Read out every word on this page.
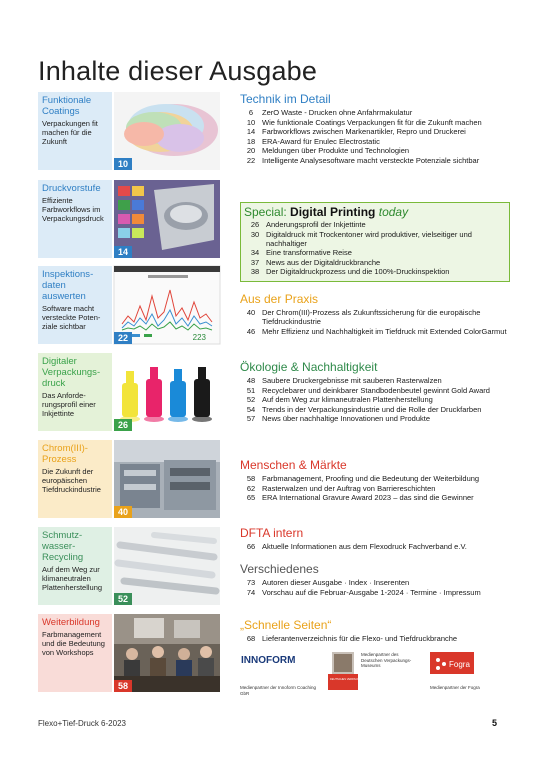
Inhalte dieser Ausgabe
Funktionale Coatings
Verpackungen fit machen für die Zukunft
10
Druckvorstufe
Effiziente Farbworkflows im Verpackungsdruck
14
Inspektionsdaten auswerten
Software macht versteckte Potenziale sichtbar
22	223
Digitaler Verpackungsdruck
Das Anforderungsprofil einer Inkjettinte
26
Chrom(III)-Prozess
Die Zukunft der europäischen Tiefdruckindustrie
40
Schmutzwasser-Recycling
Auf dem Weg zur klimaneutralen Plattenherstellung
52
Weiterbildung
Farbmanagement und die Bedeutung von Workshops
58
Technik im Detail
6	ZerO Waste - Drucken ohne Anfahrmakulatur
10 Wie funktionale Coatings Verpackungen fit für die Zukunft machen
14 Farbworkflows zwischen Markenartikler, Repro und Druckerei
18 ERA-Award für Enulec Electrostatic
20 Meldungen über Produkte und Technologien
22 Intelligente Analysesoftware macht versteckte Potenziale sichtbar
Special: Digital Printing today
26 Anderungsprofil der Inkjettinte
30 Digitaldruck mit Trockentoner wird produktiver, vielseitiger und nachhaltiger
34 Eine transformative Reise
37 News aus der Digitaldruckbranche
38 Der Digitaldruckprozess und die 100%-Druckinspektion
Aus der Praxis
40 Der Chrom(III)-Prozess als Zukunftssicherung für die europäische Tiefdruckindustrie
46 Mehr Effizienz und Nachhaltigkeit im Tiefdruck mit Extended ColorGarmut
Ökologie & Nachhaltigkeit
48 Saubere Druckergebnisse mit sauberen Rasterwalzen
51 Recyclebarer und deinkbarer Standbodenbeutel gewinnt Gold Award
52 Auf dem Weg zur klimaneutralen Plattenherstellung
54 Trends in der Verpackungsindustrie und die Rolle der Druckfarben
57 News über nachhaltige Innovationen und Produkte
Menschen & Märkte
58 Farbmanagement, Proofing und die Bedeutung der Weiterbildung
62 Rasterwalzen und der Auftrag von Barriereschichten
65 ERA International Gravure Award 2023 – das sind die Gewinner
DFTA intern
66 Aktuelle Informationen aus dem Flexodruck Fachverband e.V.
Verschiedenes
73 Autoren dieser Ausgabe · Index · Inserenten
74 Vorschau auf die Februar-Ausgabe 1-2024 · Termine · Impressum
„Schnelle Seiten“
68 Lieferantenverzeichnis für die Flexo- und Tiefdruckbranche
INNOFORM
Medienpartner der Innoform Coaching GbR
DEUTSCHES VERPACKUNGS MUSEUM
Medienpartner des Deutschen Verpackungs-Museums	Fogra
Medienpartner der Fogra
Flexo+Tief-Druck 6-2023	5
